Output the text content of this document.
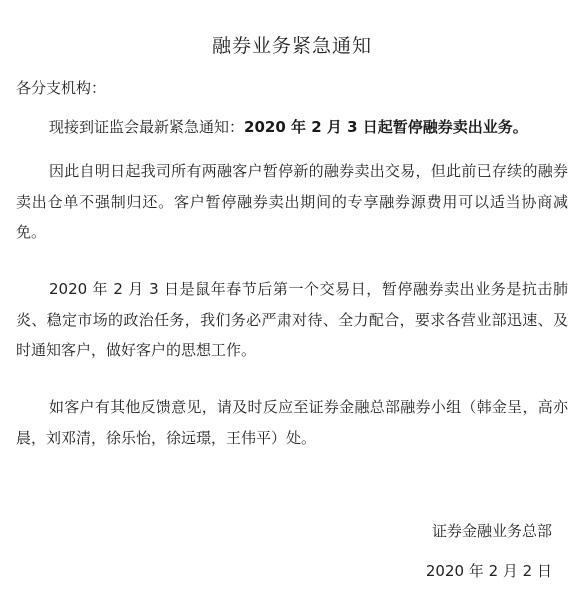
融券业务紧急通知
各分支机构：

现接到证监会最新紧急通知：2020 年 2 月 3 日起暂停融券卖出业务。

因此自明日起我司所有两融客户暂停新的融券卖出交易，但此前已存续的融券卖出仓单不强制归还。客户暂停融券卖出期间的专享融券源费用可以适当协商减免。

2020 年 2 月 3 日是鼠年春节后第一个交易日，暂停融券卖出业务是抗击肺炎、稳定市场的政治任务，我们务必严肃对待、全力配合，要求各营业部迅速、及时通知客户，做好客户的思想工作。

如客户有其他反馈意见，请及时反应至证券金融总部融券小组（韩金呈，高亦晨，刘邓清，徐乐怡，徐远璟，王伟平）处。

证券金融业务总部
2020 年 2 月 2 日
